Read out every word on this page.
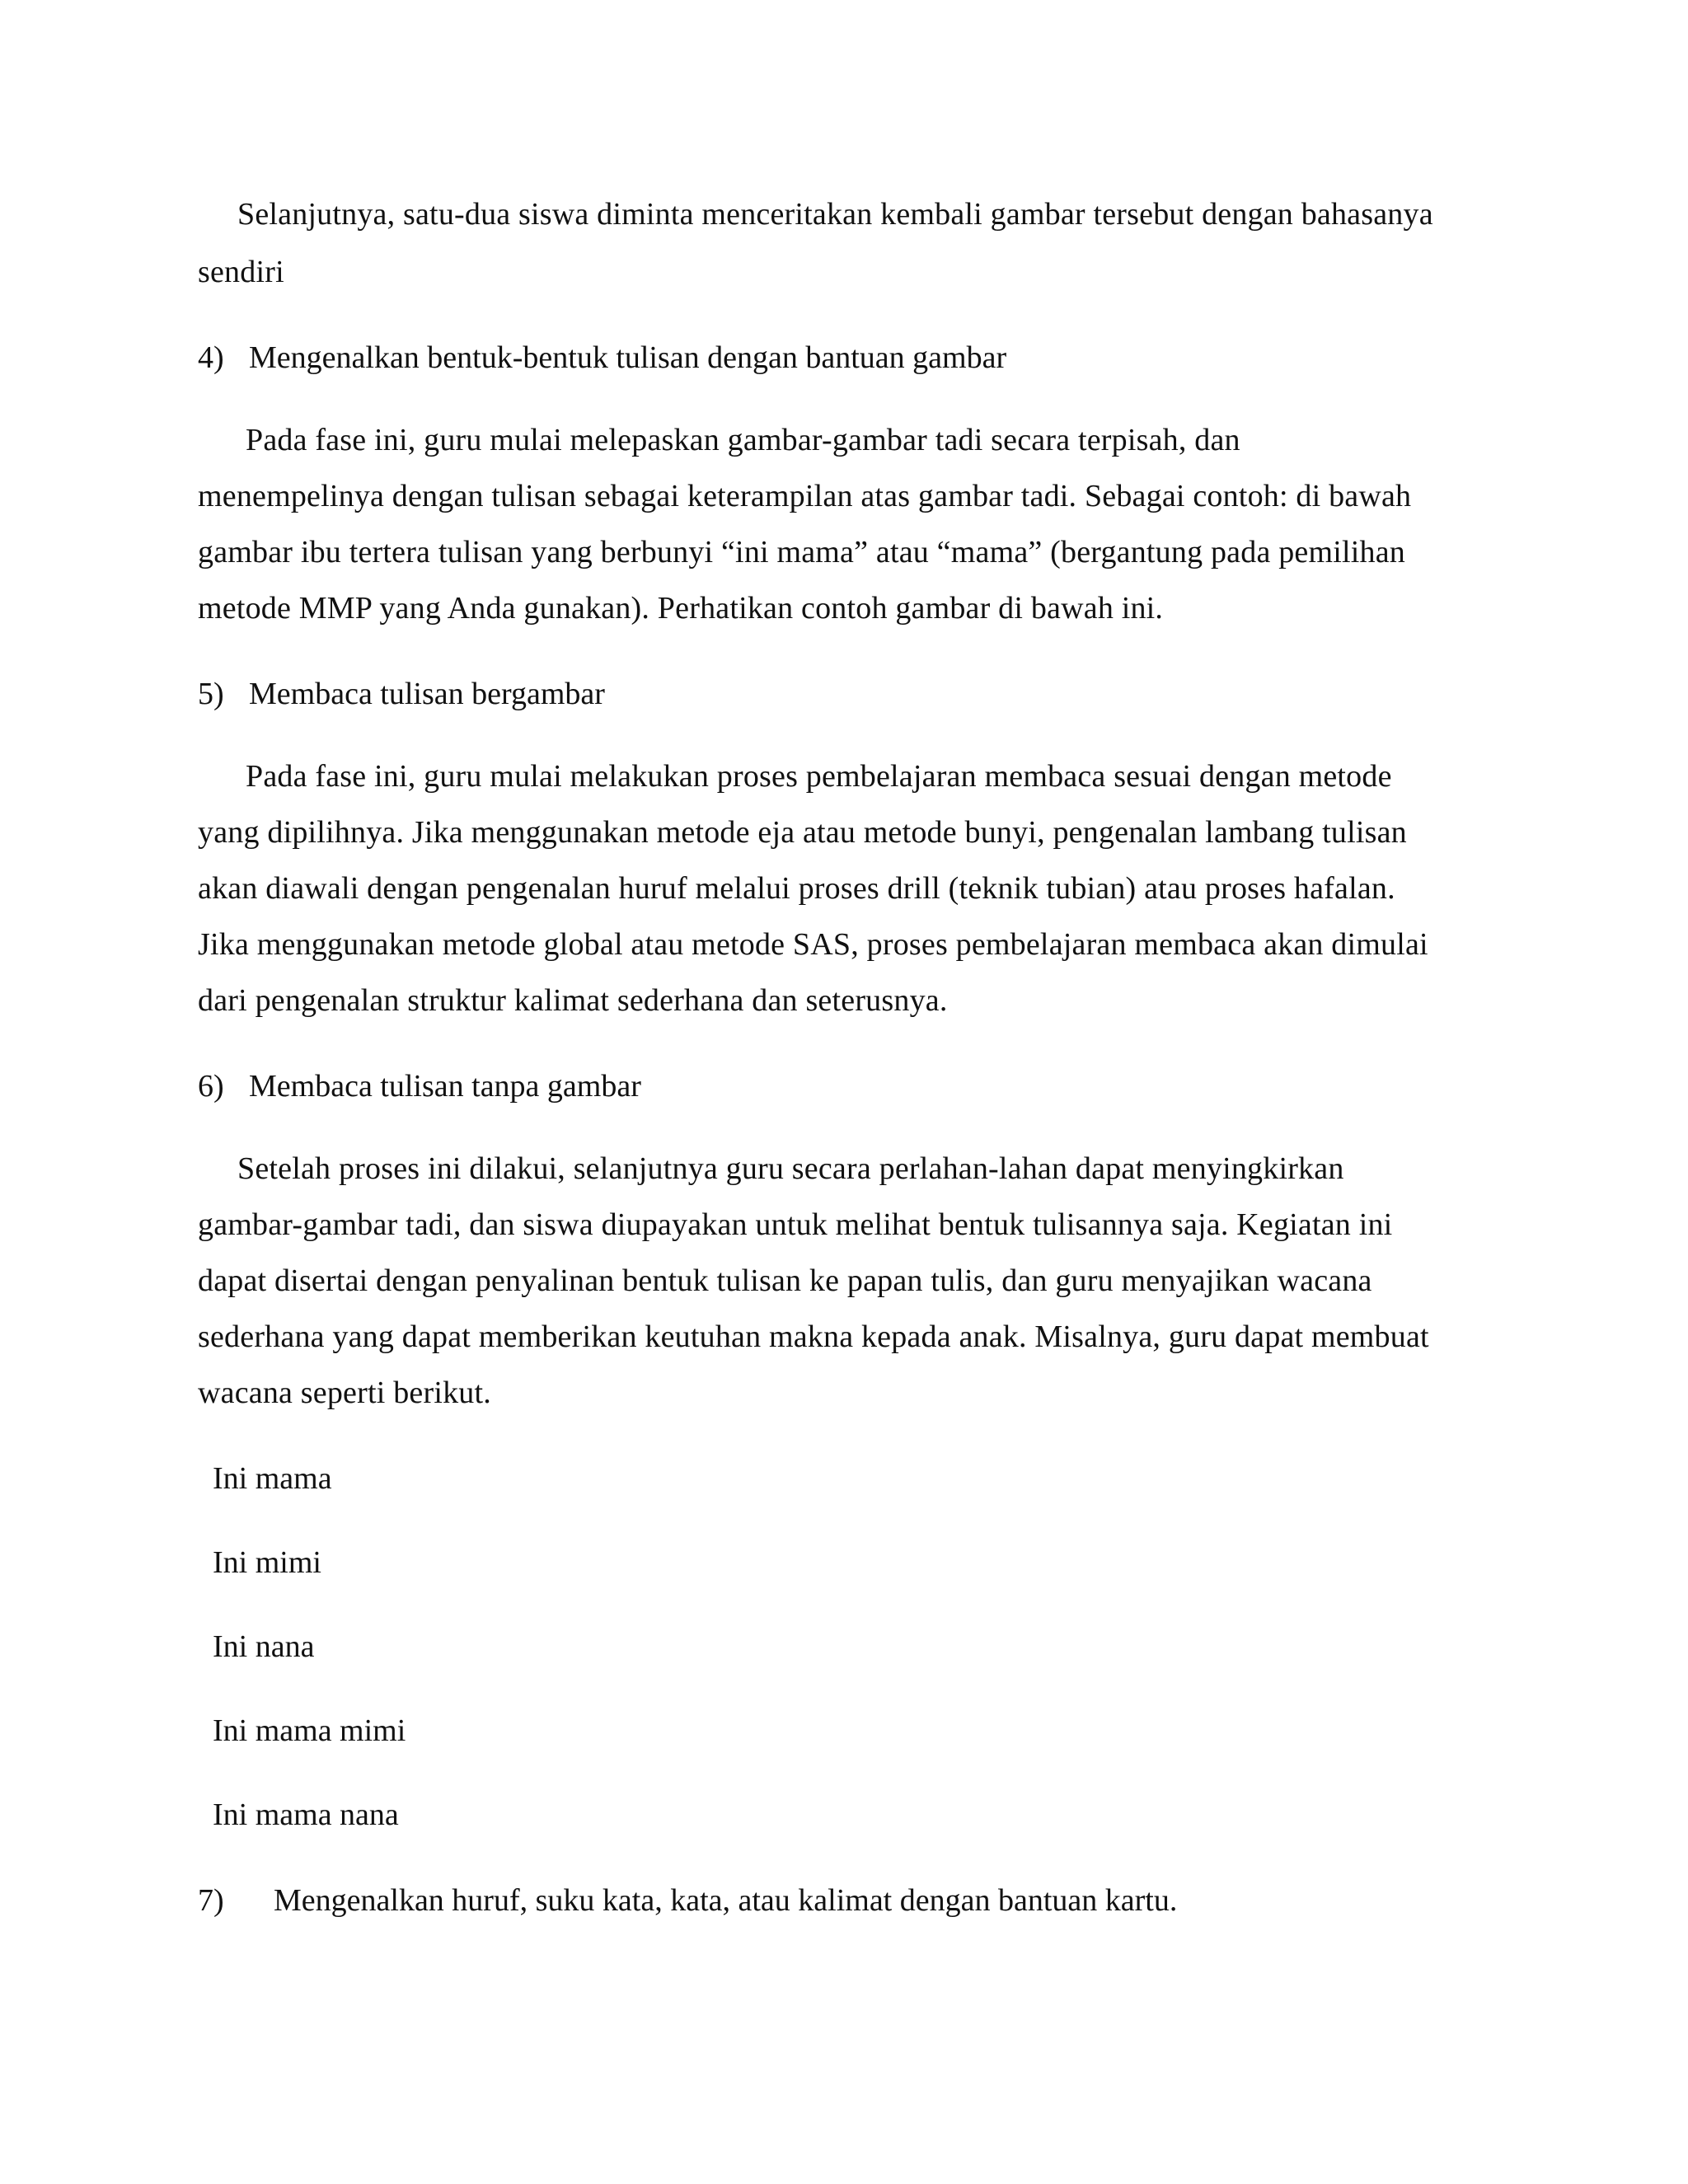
Selanjutnya, satu-dua siswa diminta menceritakan kembali gambar tersebut dengan bahasanya
sendiri
4) Mengenalkan bentuk-bentuk tulisan dengan bantuan gambar
Pada fase ini, guru mulai melepaskan gambar-gambar tadi secara terpisah, dan
menempelinya dengan tulisan sebagai keterampilan atas gambar tadi. Sebagai contoh: di bawah
gambar ibu tertera tulisan yang berbunyi “ini mama” atau “mama” (bergantung pada pemilihan
metode MMP yang Anda gunakan). Perhatikan contoh gambar di bawah ini.
5) Membaca tulisan bergambar
Pada fase ini, guru mulai melakukan proses pembelajaran membaca sesuai dengan metode
yang dipilihnya. Jika menggunakan metode eja atau metode bunyi, pengenalan lambang tulisan
akan diawali dengan pengenalan huruf melalui proses drill (teknik tubian) atau proses hafalan.
Jika menggunakan metode global atau metode SAS, proses pembelajaran membaca akan dimulai
dari pengenalan struktur kalimat sederhana dan seterusnya.
6) Membaca tulisan tanpa gambar
Setelah proses ini dilakui, selanjutnya guru secara perlahan-lahan dapat menyingkirkan
gambar-gambar tadi, dan siswa diupayakan untuk melihat bentuk tulisannya saja. Kegiatan ini
dapat disertai dengan penyalinan bentuk tulisan ke papan tulis, dan guru menyajikan wacana
sederhana yang dapat memberikan keutuhan makna kepada anak. Misalnya, guru dapat membuat
wacana seperti berikut.
Ini mama
Ini mimi
Ini nana
Ini mama mimi
Ini mama nana
7) Mengenalkan huruf, suku kata, kata, atau kalimat dengan bantuan kartu.
